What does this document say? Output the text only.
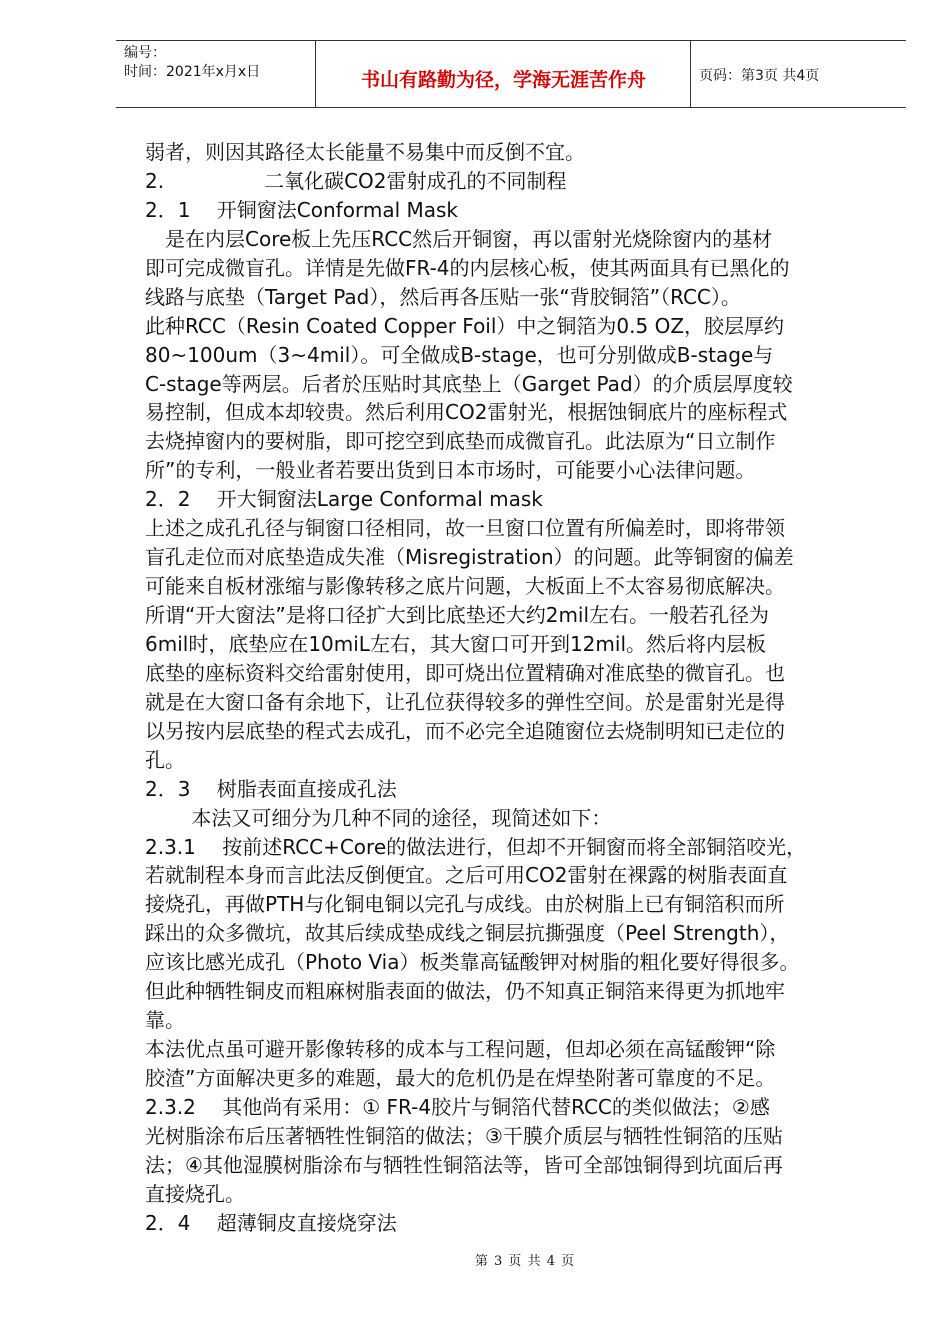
编号：
时间：2021年x月x日	书山有路勤为径，学海无涯苦作舟	页码：第3页 共4页
弱者，则因其路径太长能量不易集中而反倒不宜。
2.　　　　　二氧化碳CO2雷射成孔的不同制程
2．1　 开铜窗法Conformal Mask
　是在内层Core板上先压RCC然后开铜窗，再以雷射光烧除窗内的基材
即可完成微盲孔。详情是先做FR-4的内层核心板，使其两面具有已黑化的
线路与底垫（Target Pad），然后再各压贴一张“背胶铜箔”（RCC）。
此种RCC（Resin Coated Copper Foil）中之铜箔为0.5 OZ，胶层厚约
80~100um（3~4mil）。可全做成B-stage，也可分别做成B-stage与
C-stage等两层。后者於压贴时其底垫上（Garget Pad）的介质层厚度较
易控制，但成本却较贵。然后利用CO2雷射光，根据蚀铜底片的座标程式
去烧掉窗内的要树脂，即可挖空到底垫而成微盲孔。此法原为“日立制作
所”的专利，一般业者若要出货到日本市场时，可能要小心法律问题。
2．2　 开大铜窗法Large Conformal mask
上述之成孔孔径与铜窗口径相同，故一旦窗口位置有所偏差时，即将带领
盲孔走位而对底垫造成失准（Misregistration）的问题。此等铜窗的偏差
可能来自板材涨缩与影像转移之底片问题，大板面上不太容易彻底解决。
所谓“开大窗法”是将口径扩大到比底垫还大约2mil左右。一般若孔径为
6mil时，底垫应在10miL左右，其大窗口可开到12mil。然后将内层板
底垫的座标资料交给雷射使用，即可烧出位置精确对准底垫的微盲孔。也
就是在大窗口备有余地下，让孔位获得较多的弹性空间。於是雷射光是得
以另按内层底垫的程式去成孔，而不必完全追随窗位去烧制明知已走位的
孔。
2．3　 树脂表面直接成孔法
　　 本法又可细分为几种不同的途径，现简述如下：
2.3.1　 按前述RCC+Core的做法进行，但却不开铜窗而将全部铜箔咬光，
若就制程本身而言此法反倒便宜。之后可用CO2雷射在裸露的树脂表面直
接烧孔，再做PTH与化铜电铜以完孔与成线。由於树脂上已有铜箔积而所
踩出的众多微坑，故其后续成垫成线之铜层抗撕强度（Peel Strength），
应该比感光成孔（Photo Via）板类靠高锰酸钾对树脂的粗化要好得很多。
但此种牺牲铜皮而粗麻树脂表面的做法，仍不知真正铜箔来得更为抓地牢
靠。
本法优点虽可避开影像转移的成本与工程问题，但却必须在高锰酸钾“除
胶渣”方面解决更多的难题，最大的危机仍是在焊垫附著可靠度的不足。
2.3.2　 其他尚有采用：① FR-4胶片与铜箔代替RCC的类似做法；②感
光树脂涂布后压著牺牲性铜箔的做法；③干膜介质层与牺牲性铜箔的压贴
法；④其他湿膜树脂涂布与牺牲性铜箔法等，皆可全部蚀铜得到坑面后再
直接烧孔。
2．4　 超薄铜皮直接烧穿法
第 3 页 共 4 页
